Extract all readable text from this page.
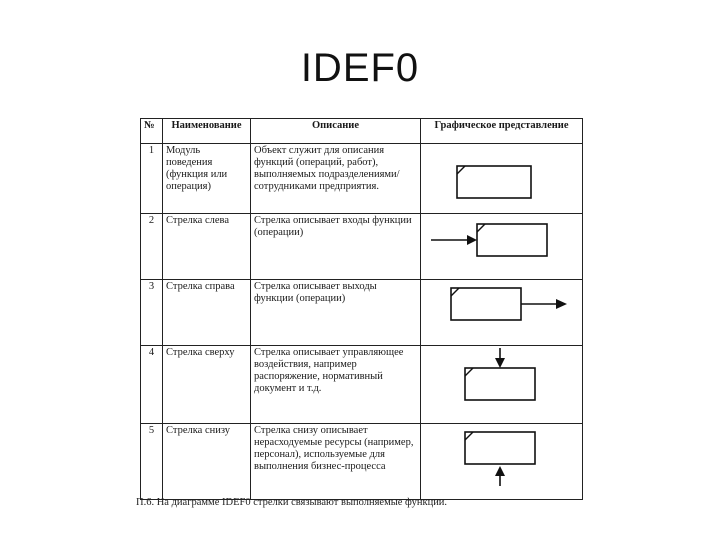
IDEF0
№	Наименование	Описание	Графическое представление
1	Модуль поведения (функция или операция)	Объект служит для описания функций (операций, работ), выполняемых подразделениями/сотрудниками предприятия.	

2	Стрелка слева	Стрелка описывает входы функции (операции)	

3	Стрелка справа	Стрелка описывает выходы функции (операции)	

4	Стрелка сверху	Стрелка описывает управляющее воздействия, например распоряжение, нормативный документ и т.д.	

5	Стрелка снизу	Стрелка снизу описывает нерасходуемые ресурсы (например, персонал), используемые для выполнения бизнес-процесса	
П.6. На диаграмме IDEF0 стрелки связывают выполняемые функции.
